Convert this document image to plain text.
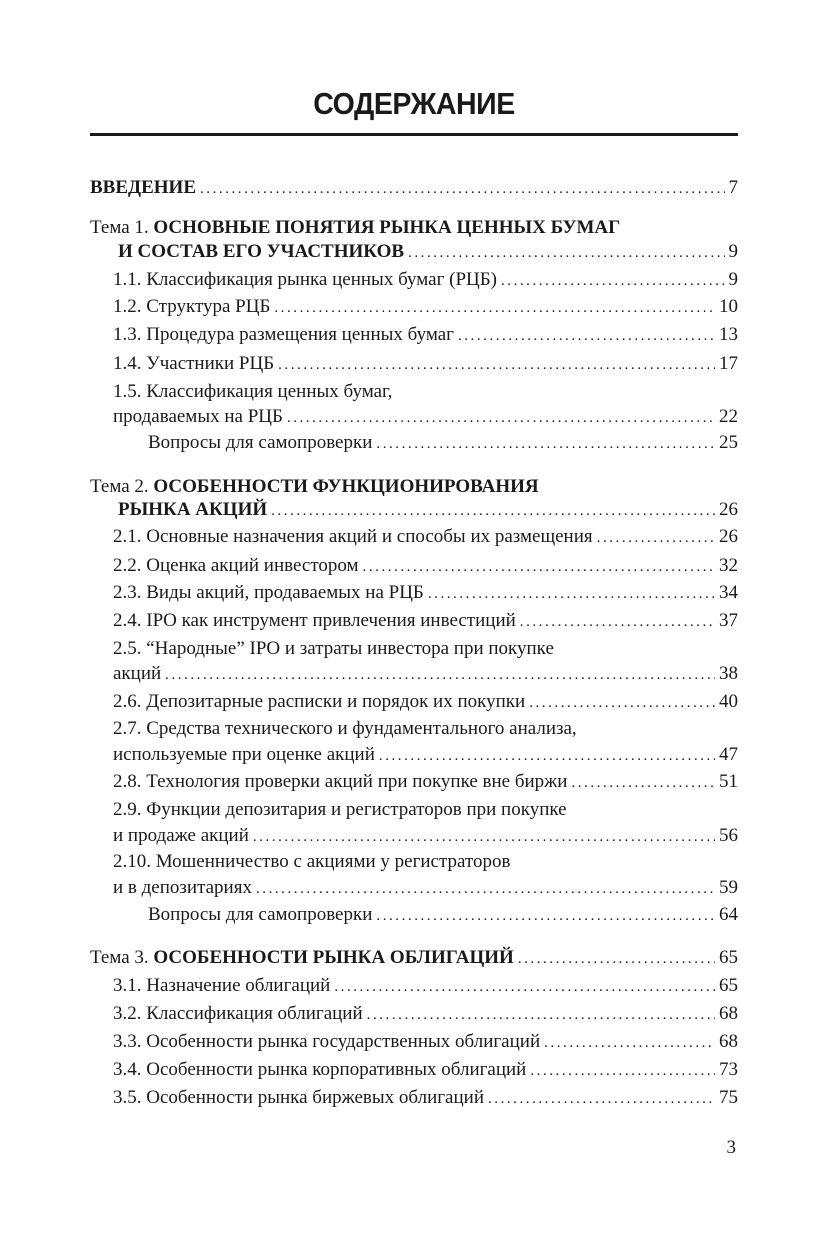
СОДЕРЖАНИЕ
ВВЕДЕНИЕ . . .	7
Тема 1. ОСНОВНЫЕ ПОНЯТИЯ РЫНКА ЦЕННЫХ БУМАГ
И СОСТАВ ЕГО УЧАСТНИКОВ . . .	9
1.1. Классификация рынка ценных бумаг (РЦБ) . . .	9
1.2. Структура РЦБ . . .	10
1.3. Процедура размещения ценных бумаг . . .	13
1.4. Участники РЦБ . . .	17
1.5. Классификация ценных бумаг,
продаваемых на РЦБ . . .	22
Вопросы для самопроверки . . .	25
Тема 2. ОСОБЕННОСТИ ФУНКЦИОНИРОВАНИЯ
РЫНКА АКЦИЙ . . .	26
2.1. Основные назначения акций и способы их размещения . . .	26
2.2. Оценка акций инвестором . . .	32
2.3. Виды акций, продаваемых на РЦБ . . .	34
2.4. IPO как инструмент привлечения инвестиций . . .	37
2.5. “Народные” IPO и затраты инвестора при покупке
акций . . .	38
2.6. Депозитарные расписки и порядок их покупки . . .	40
2.7. Средства технического и фундаментального анализа,
используемые при оценке акций . . .	47
2.8. Технология проверки акций при покупке вне биржи . . .	51
2.9. Функции депозитария и регистраторов при покупке
и продаже акций . . .	56
2.10. Мошенничество с акциями у регистраторов
и в депозитариях . . .	59
Вопросы для самопроверки . . .	64
Тема 3. ОСОБЕННОСТИ РЫНКА ОБЛИГАЦИЙ . . .	65
3.1. Назначение облигаций . . .	65
3.2. Классификация облигаций . . .	68
3.3. Особенности рынка государственных облигаций . . .	68
3.4. Особенности рынка корпоративных облигаций . . .	73
3.5. Особенности рынка биржевых облигаций . . .	75
3
